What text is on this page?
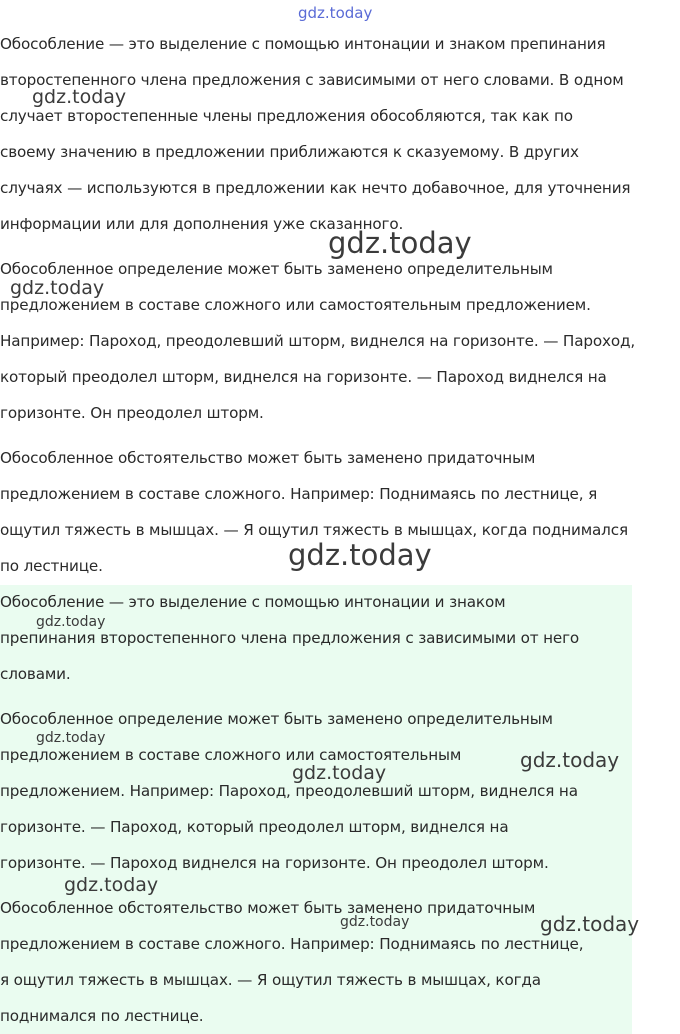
gdz.today

Обособление — это выделение с помощью интонации и знаком препинания
второстепенного члена предложения с зависимыми от него словами. В одном
случает второстепенные члены предложения обособляются, так как по
своему значению в предложении приближаются к сказуемому. В других
случаях — используются в предложении как нечто добавочное, для уточнения
информации или для дополнения уже сказанного.

Обособленное определение может быть заменено определительным
предложением в составе сложного или самостоятельным предложением.
Например: Пароход, преодолевший шторм, виднелся на горизонте. — Пароход,
который преодолел шторм, виднелся на горизонте. — Пароход виднелся на
горизонте. Он преодолел шторм.

Обособленное обстоятельство может быть заменено придаточным
предложением в составе сложного. Например: Поднимаясь по лестнице, я
ощутил тяжесть в мышцах. — Я ощутил тяжесть в мышцах, когда поднимался
по лестнице.

Обособление — это выделение с помощью интонации и знаком
препинания второстепенного члена предложения с зависимыми от него
словами.

Обособленное определение может быть заменено определительным
предложением в составе сложного или самостоятельным
предложением. Например: Пароход, преодолевший шторм, виднелся на
горизонте. — Пароход, который преодолел шторм, виднелся на
горизонте. — Пароход виднелся на горизонте. Он преодолел шторм.

Обособленное обстоятельство может быть заменено придаточным
предложением в составе сложного. Например: Поднимаясь по лестнице,
я ощутил тяжесть в мышцах. — Я ощутил тяжесть в мышцах, когда
поднимался по лестнице.

gdz.today
gdz.today
gdz.today
gdz.today
gdz.today
gdz.today
gdz.today
gdz.today
gdz.today
gdz.today	gdz.today
